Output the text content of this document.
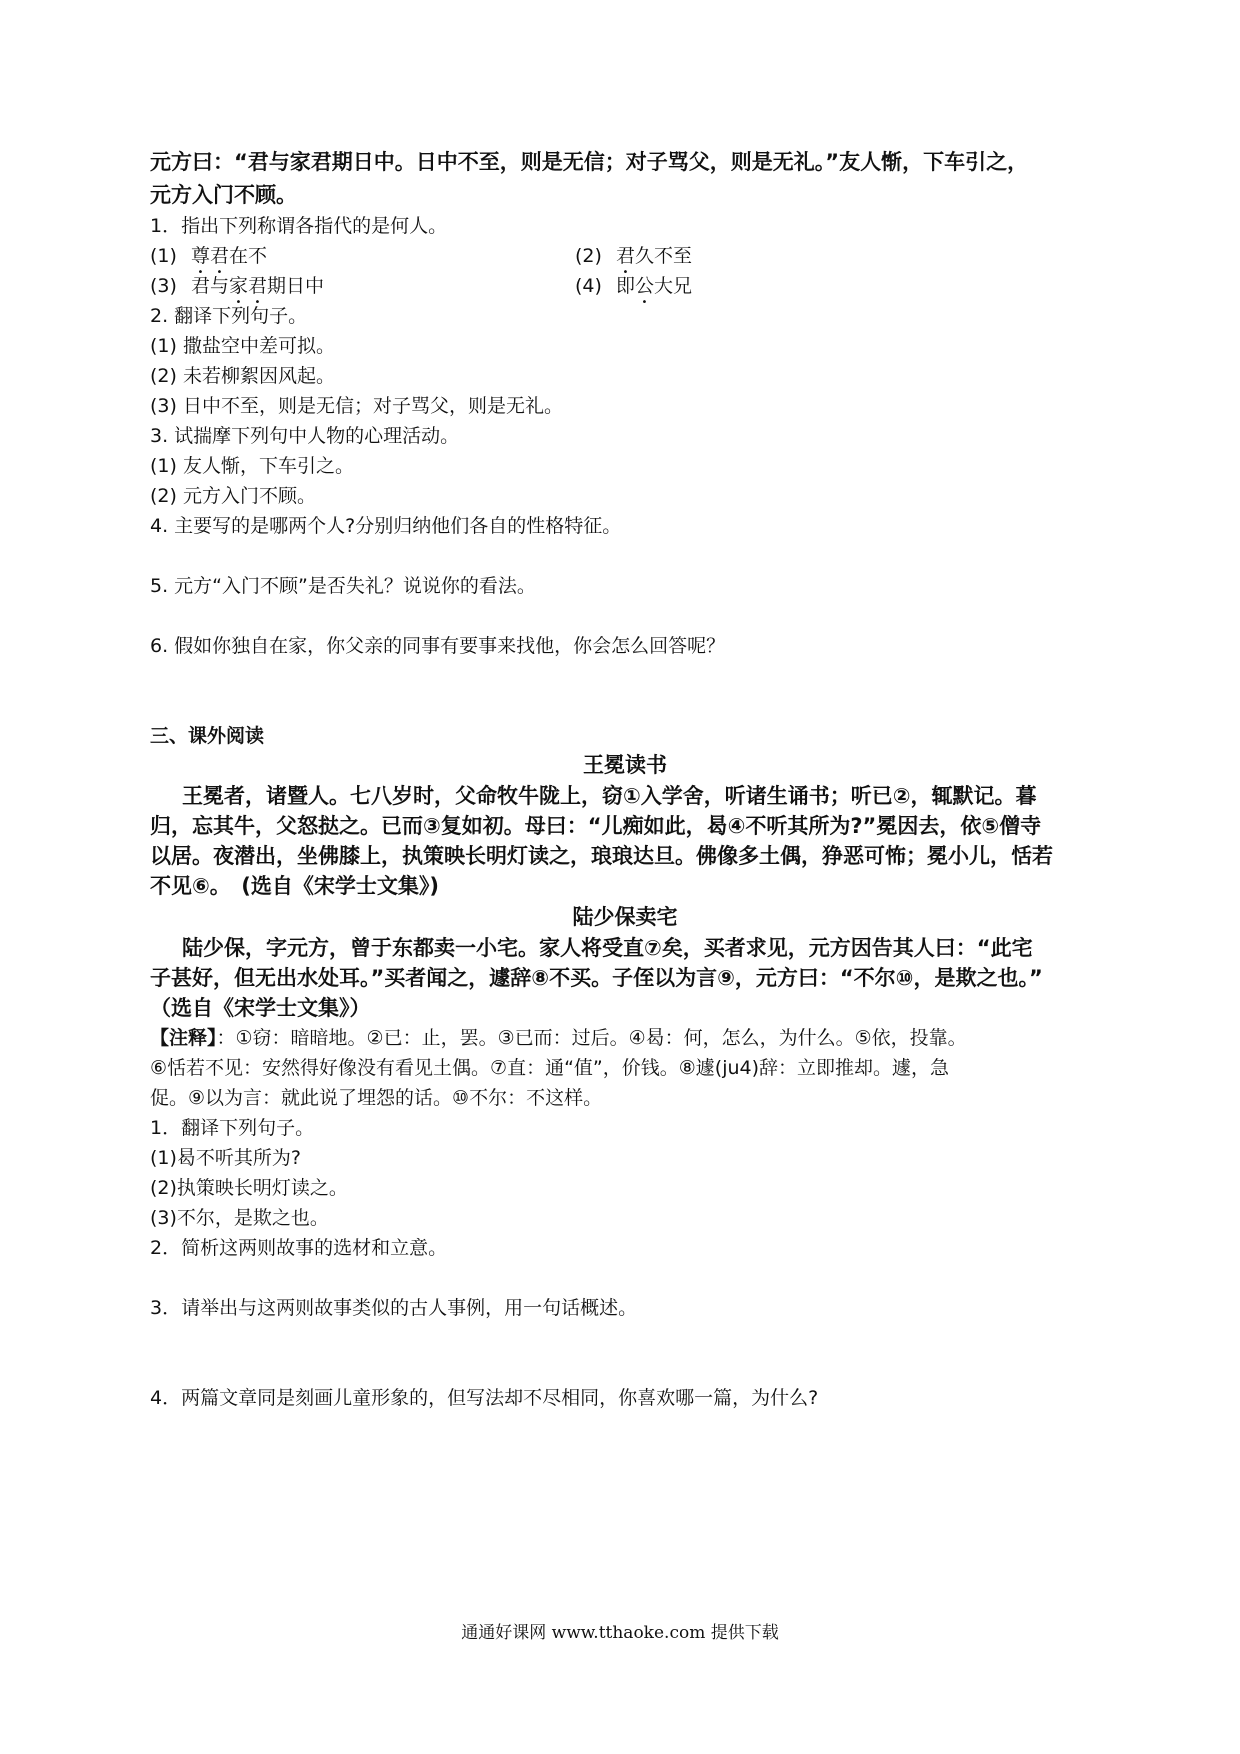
元方曰：“君与家君期日中。日中不至，则是无信；对子骂父，则是无礼。”友人惭，下车引之，
元方入门不顾。
1．指出下列称谓各指代的是何人。
(1) 尊君在不	(2) 君久不至
(3) 君与家君期日中	(4) 即公大兄
2. 翻译下列句子。
(1) 撒盐空中差可拟。
(2) 未若柳絮因风起。
(3) 日中不至，则是无信；对子骂父，则是无礼。
3. 试揣摩下列句中人物的心理活动。
(1) 友人惭，下车引之。
(2) 元方入门不顾。
4. 主要写的是哪两个人?分别归纳他们各自的性格特征。
5. 元方“入门不顾”是否失礼？说说你的看法。
6. 假如你独自在家，你父亲的同事有要事来找他，你会怎么回答呢？
三、课外阅读
王冕读书
王冕者，诸暨人。七八岁时，父命牧牛陇上，窃①入学舍，听诸生诵书；听已②，辄默记。暮
归，忘其牛，父怒挞之。已而③复如初。母曰：“儿痴如此，曷④不听其所为?”冕因去，依⑤僧寺
以居。夜潜出，坐佛膝上，执策映长明灯读之，琅琅达旦。佛像多土偶，狰恶可怖；冕小儿，恬若
不见⑥。　(选自《宋学士文集》)
陆少保卖宅
陆少保，字元方，曾于东都卖一小宅。家人将受直⑦矣，买者求见，元方因告其人曰：“此宅
子甚好，但无出水处耳。”买者闻之，遽辞⑧不买。子侄以为言⑨，元方曰：“不尔⑩，是欺之也。”
（选自《宋学士文集》）
【注释】：①窃：暗暗地。②已：止，罢。③已而：过后。④曷：何，怎么，为什么。⑤依，投靠。
⑥恬若不见：安然得好像没有看见土偶。⑦直：通“值”，价钱。⑧遽(ju4)辞：立即推却。遽，急
促。⑨以为言：就此说了埋怨的话。⑩不尔：不这样。
1．翻译下列句子。
(1)曷不听其所为?
(2)执策映长明灯读之。
(3)不尔，是欺之也。
2．简析这两则故事的选材和立意。
3．请举出与这两则故事类似的古人事例，用一句话概述。
4．两篇文章同是刻画儿童形象的，但写法却不尽相同，你喜欢哪一篇，为什么?
通通好课网 www.tthaoke.com 提供下载
